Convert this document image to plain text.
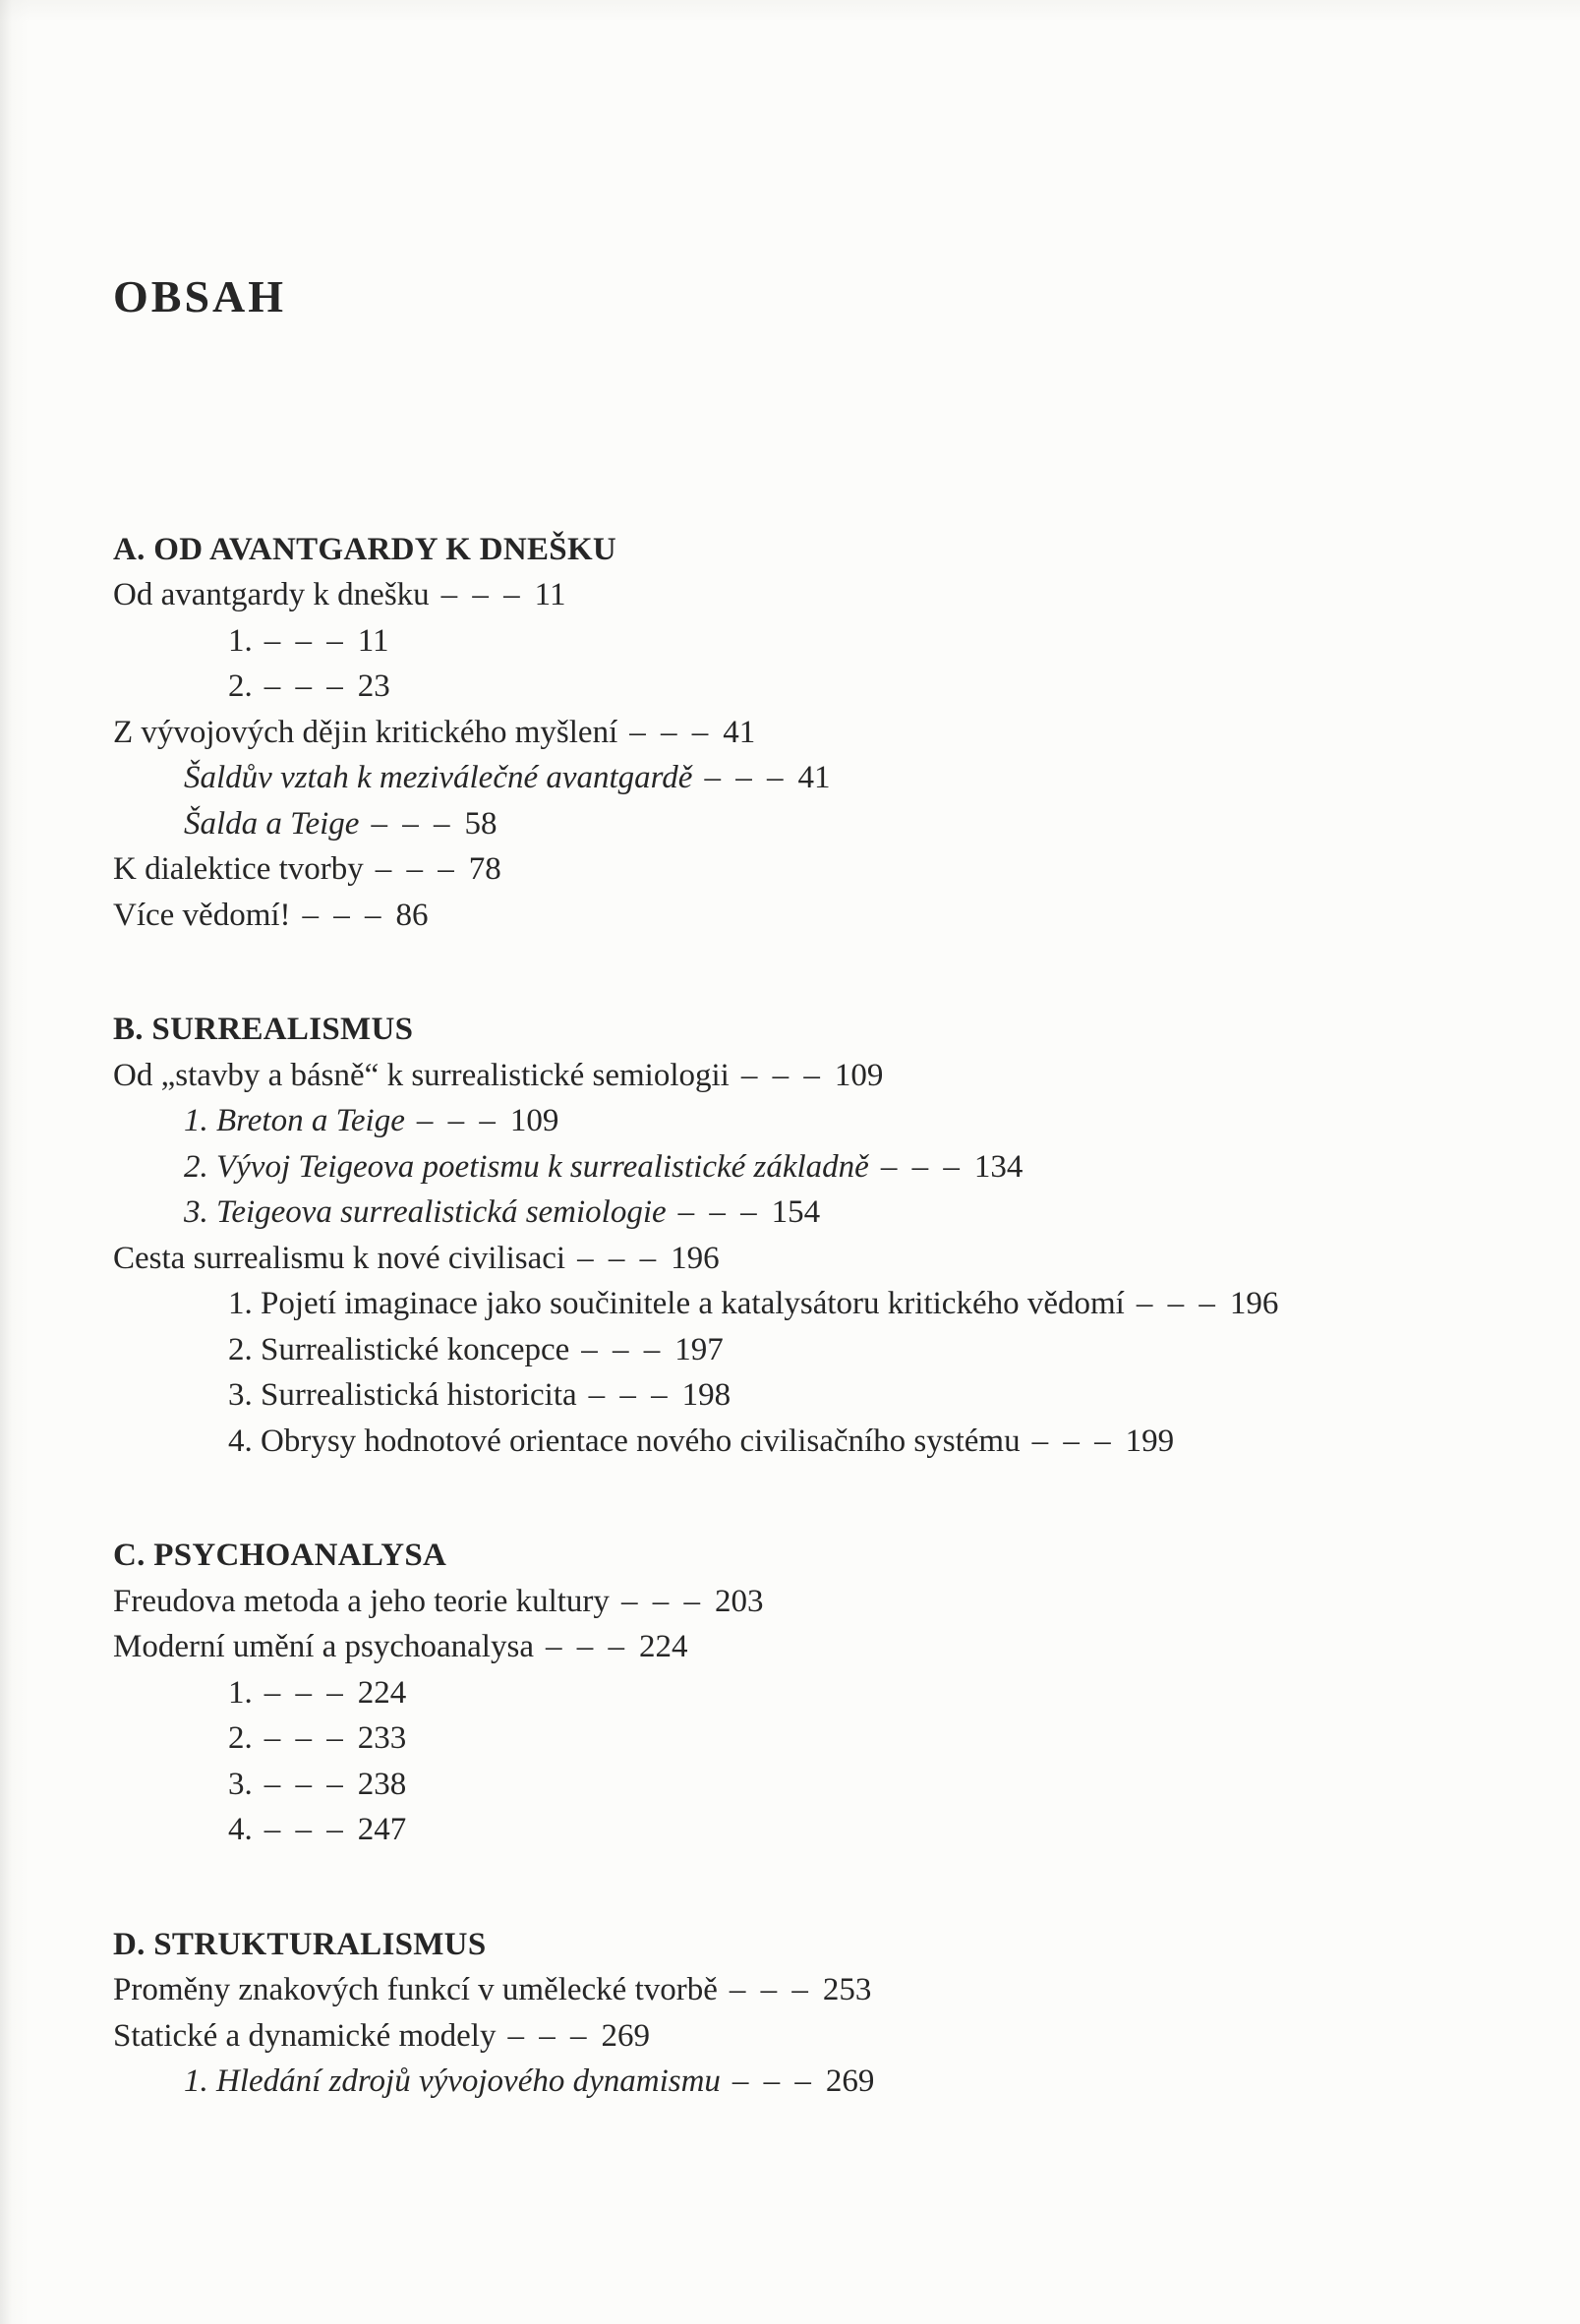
OBSAH
A. OD AVANTGARDY K DNEŠKU
Od avantgardy k dnešku – – – 11
1. – – – 11
2. – – – 23
Z vývojových dějin kritického myšlení – – – 41
Šaldův vztah k meziválečné avantgardě – – – 41
Šalda a Teige – – – 58
K dialektice tvorby – – – 78
Více vědomí! – – – 86
B. SURREALISMUS
Od „stavby a básně“ k surrealistické semiologii – – – 109
1. Breton a Teige – – – 109
2. Vývoj Teigeova poetismu k surrealistické základně – – – 134
3. Teigeova surrealistická semiologie – – – 154
Cesta surrealismu k nové civilisaci – – – 196
1. Pojetí imaginace jako součinitele a katalysátoru kritického vědomí – – – 196
2. Surrealistické koncepce – – – 197
3. Surrealistická historicita – – – 198
4. Obrysy hodnotové orientace nového civilisačního systému – – – 199
C. PSYCHOANALYSA
Freudova metoda a jeho teorie kultury – – – 203
Moderní umění a psychoanalysa – – – 224
1. – – – 224
2. – – – 233
3. – – – 238
4. – – – 247
D. STRUKTURALISMUS
Proměny znakových funkcí v umělecké tvorbě – – – 253
Statické a dynamické modely – – – 269
1. Hledání zdrojů vývojového dynamismu – – – 269
